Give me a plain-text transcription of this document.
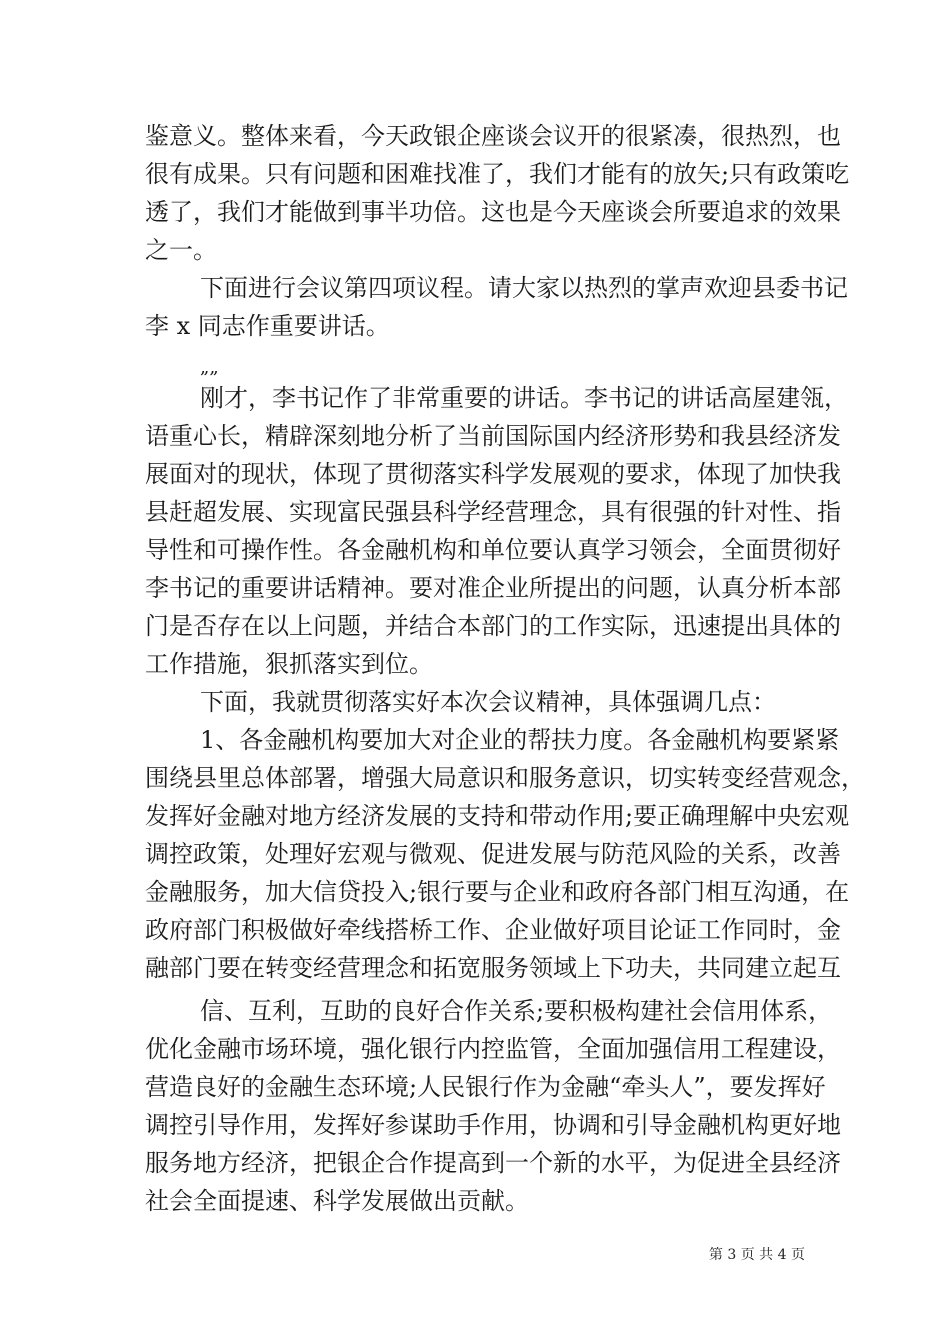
鉴意义。整体来看，今天政银企座谈会议开的很紧凑，很热烈，也
很有成果。只有问题和困难找准了，我们才能有的放矢;只有政策吃
透了，我们才能做到事半功倍。这也是今天座谈会所要追求的效果
之一。
下面进行会议第四项议程。请大家以热烈的掌声欢迎县委书记
李 x 同志作重要讲话。
„„
刚才，李书记作了非常重要的讲话。李书记的讲话高屋建瓴，
语重心长，精辟深刻地分析了当前国际国内经济形势和我县经济发
展面对的现状，体现了贯彻落实科学发展观的要求，体现了加快我
县赶超发展、实现富民强县科学经营理念，具有很强的针对性、指
导性和可操作性。各金融机构和单位要认真学习领会，全面贯彻好
李书记的重要讲话精神。要对准企业所提出的问题，认真分析本部
门是否存在以上问题，并结合本部门的工作实际，迅速提出具体的
工作措施，狠抓落实到位。
下面，我就贯彻落实好本次会议精神，具体强调几点：
1、各金融机构要加大对企业的帮扶力度。各金融机构要紧紧
围绕县里总体部署，增强大局意识和服务意识，切实转变经营观念，
发挥好金融对地方经济发展的支持和带动作用;要正确理解中央宏观
调控政策，处理好宏观与微观、促进发展与防范风险的关系，改善
金融服务，加大信贷投入;银行要与企业和政府各部门相互沟通，在
政府部门积极做好牵线搭桥工作、企业做好项目论证工作同时，金
融部门要在转变经营理念和拓宽服务领域上下功夫，共同建立起互
信、互利，互助的良好合作关系;要积极构建社会信用体系，
优化金融市场环境，强化银行内控监管，全面加强信用工程建设，
营造良好的金融生态环境;人民银行作为金融“牵头人”，要发挥好
调控引导作用，发挥好参谋助手作用，协调和引导金融机构更好地
服务地方经济，把银企合作提高到一个新的水平，为促进全县经济
社会全面提速、科学发展做出贡献。
第 3 页 共 4 页
